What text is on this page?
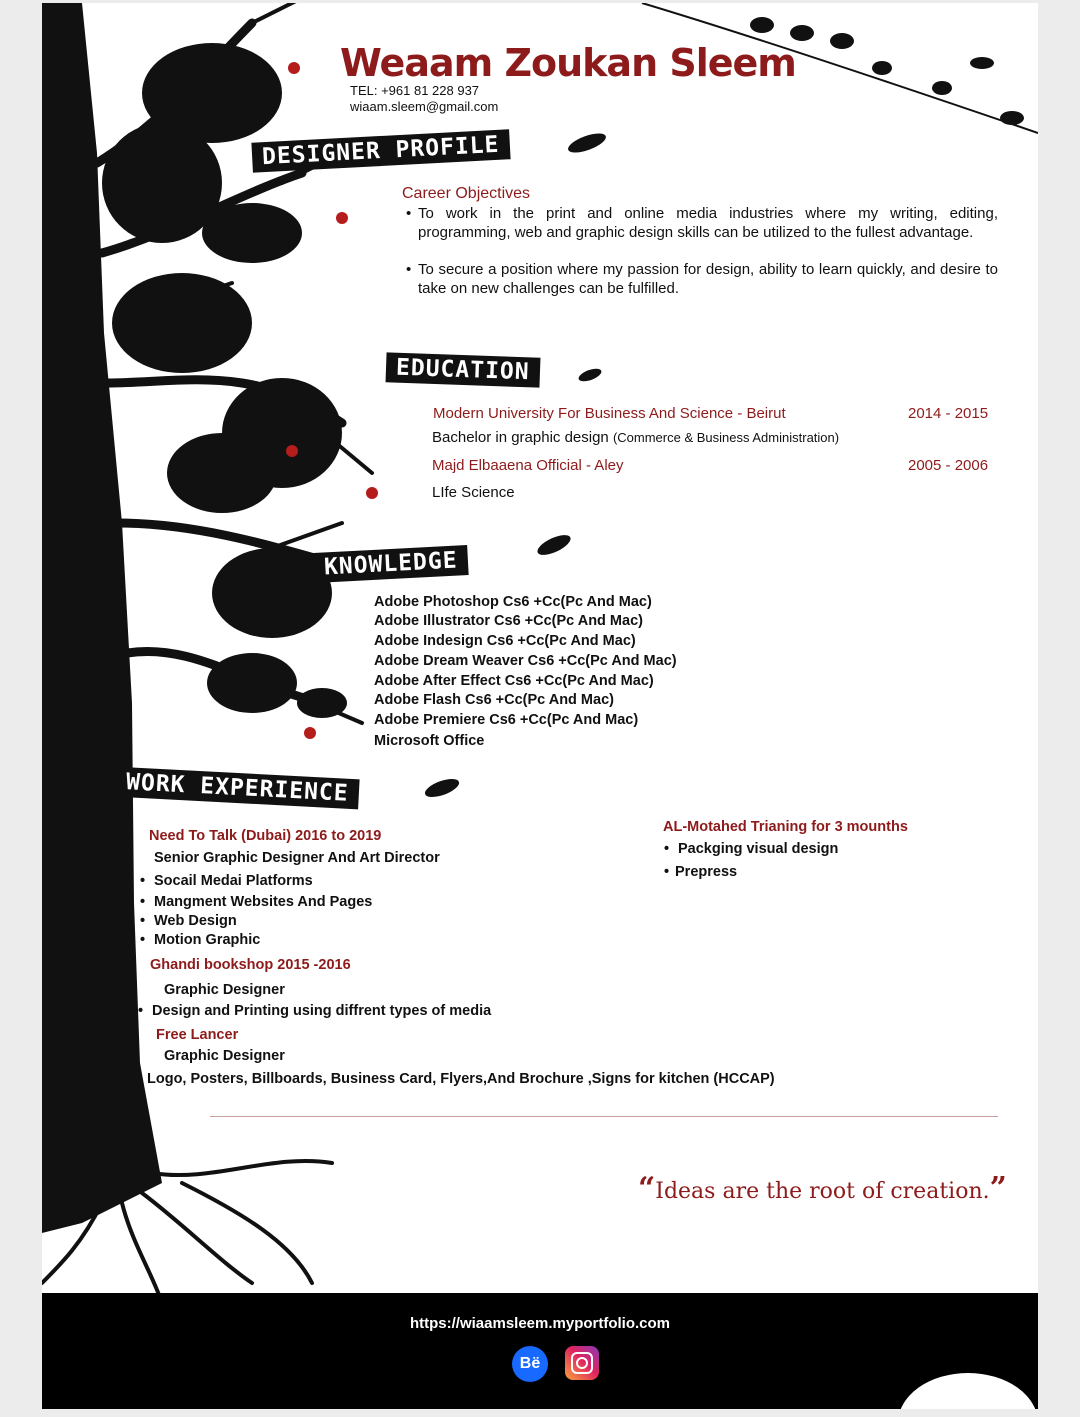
Weaam Zoukan Sleem
TEL: +961 81 228 937
wiaam.sleem@gmail.com
DESIGNER PROFILE
Career Objectives
• To work in the print and online media industries where my writing, editing, programming, web and graphic design skills can be utilized to the fullest advantage.
• To secure a position where my passion for design, ability to learn quickly, and desire to take on new challenges can be fulfilled.
EDUCATION
Modern University For Business And Science - Beirut	2014 - 2015
Bachelor in graphic design (Commerce & Business Administration)
Majd Elbaaena Official - Aley	2005 - 2006
LIfe Science
KNOWLEDGE
Adobe Photoshop Cs6 +Cc(Pc And Mac)
Adobe Illustrator Cs6 +Cc(Pc And Mac)
Adobe Indesign Cs6 +Cc(Pc And Mac)
Adobe Dream Weaver Cs6 +Cc(Pc And Mac)
Adobe After Effect Cs6 +Cc(Pc And Mac)
Adobe Flash Cs6 +Cc(Pc And Mac)
Adobe Premiere Cs6 +Cc(Pc And Mac)
Microsoft Office
WORK EXPERIENCE
Need To Talk (Dubai) 2016 to 2019
Senior Graphic Designer And Art Director
• Socail Medai Platforms
• Mangment Websites And Pages
• Web Design
• Motion Graphic
Ghandi bookshop 2015 -2016
Graphic Designer
• Design and Printing using diffrent types of media
Free Lancer
Graphic Designer
• Logo, Posters, Billboards, Business Card, Flyers,And Brochure ,Signs for kitchen (HCCAP)
AL-Motahed Trianing for 3 mounths
• Packging visual design
• Prepress
“Ideas are the root of creation.”
https://wiaamsleem.myportfolio.com
Bë
